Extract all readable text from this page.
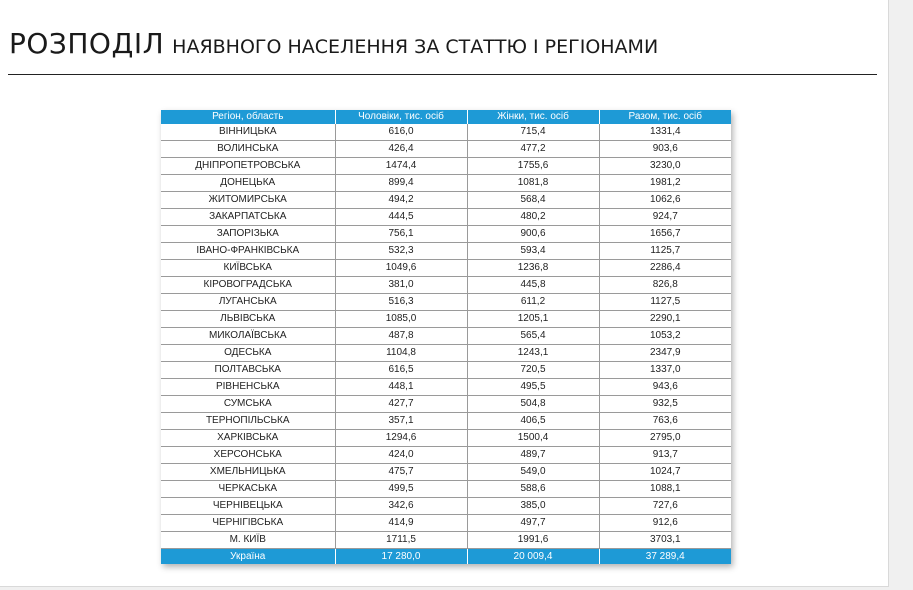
РОЗПОДІЛ НАЯВНОГО НАСЕЛЕННЯ ЗА СТАТТЮ І РЕГІОНАМИ
Регіон, область	Чоловіки, тис. осіб	Жінки, тис. осіб	Разом, тис. осіб
ВІННИЦЬКА	616,0	715,4	1331,4
ВОЛИНСЬКА	426,4	477,2	903,6
ДНІПРОПЕТРОВСЬКА	1474,4	1755,6	3230,0
ДОНЕЦЬКА	899,4	1081,8	1981,2
ЖИТОМИРСЬКА	494,2	568,4	1062,6
ЗАКАРПАТСЬКА	444,5	480,2	924,7
ЗАПОРІЗЬКА	756,1	900,6	1656,7
ІВАНО-ФРАНКІВСЬКА	532,3	593,4	1125,7
КИЇВСЬКА	1049,6	1236,8	2286,4
КІРОВОГРАДСЬКА	381,0	445,8	826,8
ЛУГАНСЬКА	516,3	611,2	1127,5
ЛЬВІВСЬКА	1085,0	1205,1	2290,1
МИКОЛАЇВСЬКА	487,8	565,4	1053,2
ОДЕСЬКА	1104,8	1243,1	2347,9
ПОЛТАВСЬКА	616,5	720,5	1337,0
РІВНЕНСЬКА	448,1	495,5	943,6
СУМСЬКА	427,7	504,8	932,5
ТЕРНОПІЛЬСЬКА	357,1	406,5	763,6
ХАРКІВСЬКА	1294,6	1500,4	2795,0
ХЕРСОНСЬКА	424,0	489,7	913,7
ХМЕЛЬНИЦЬКА	475,7	549,0	1024,7
ЧЕРКАСЬКА	499,5	588,6	1088,1
ЧЕРНІВЕЦЬКА	342,6	385,0	727,6
ЧЕРНІГІВСЬКА	414,9	497,7	912,6
М. КИЇВ	1711,5	1991,6	3703,1
Україна	17 280,0	20 009,4	37 289,4
